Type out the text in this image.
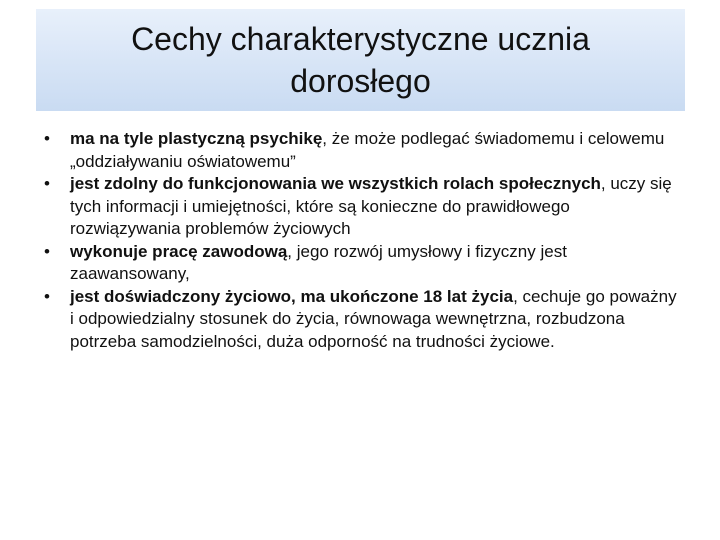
Cechy charakterystyczne ucznia dorosłego
• ma na tyle plastyczną psychikę, że może podlegać świadomemu i celowemu „oddziaływaniu oświatowemu”
• jest zdolny do funkcjonowania we wszystkich rolach społecznych, uczy się tych informacji i umiejętności, które są konieczne do prawidłowego rozwiązywania problemów życiowych
• wykonuje pracę zawodową, jego rozwój umysłowy i fizyczny jest zaawansowany,
• jest doświadczony życiowo, ma ukończone 18 lat życia, cechuje go poważny i odpowiedzialny stosunek do życia, równowaga wewnętrzna, rozbudzona potrzeba samodzielności, duża odporność na trudności życiowe.
